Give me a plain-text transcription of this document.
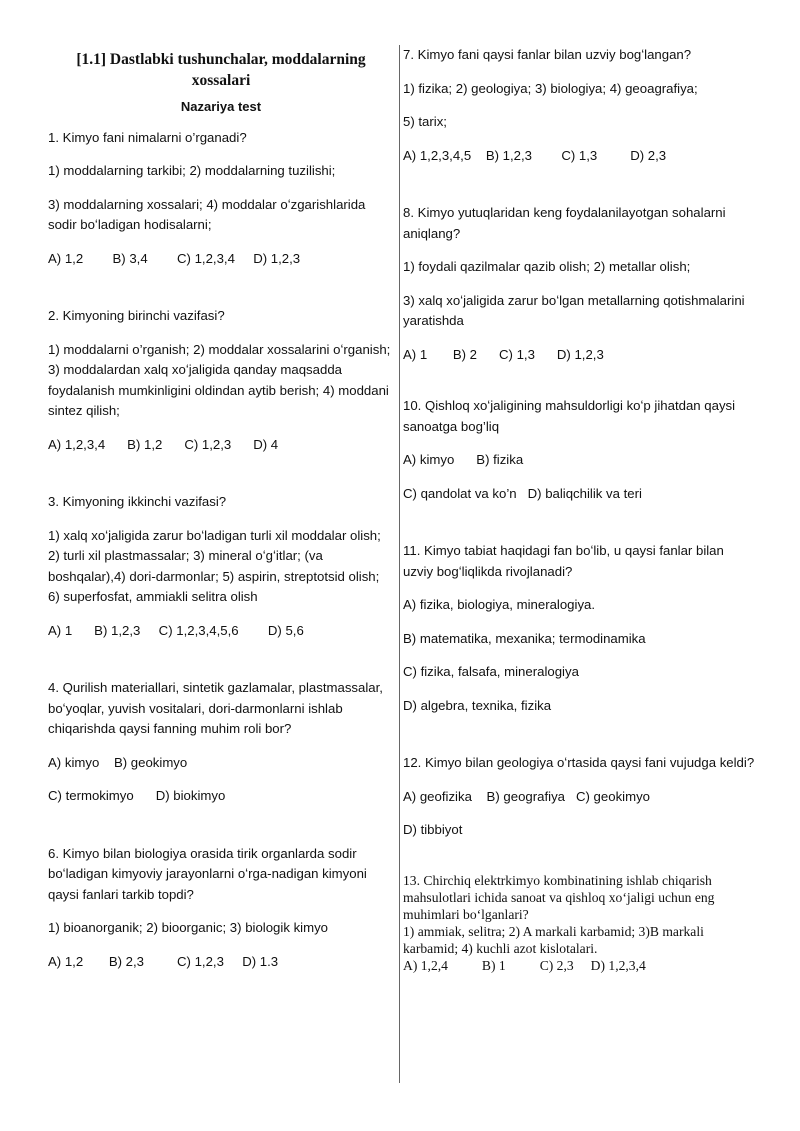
[1.1] Dastlabki tushunchalar, moddalarning xossalari
Nazariya test

1. Kimyo fani nimalarni o’rganadi?

1) moddalarning tarkibi; 2) moddalarning tuzilishi;

3) moddalarning xossalari; 4) moddalar oʻzgarishlarida sodir boʻladigan hodisalarni;

A) 1,2        B) 3,4        C) 1,2,3,4     D) 1,2,3

2. Kimyoning birinchi vazifasi?

1) moddalarni o’rganish; 2) moddalar xossalarini oʻrganish; 3) moddalardan xalq xoʻjaligida qanday maqsadda foydalanish mumkinligini oldindan aytib berish; 4) moddani sintez qilish;

A) 1,2,3,4      B) 1,2      C) 1,2,3      D) 4

3. Kimyoning ikkinchi vazifasi?

1) xalq xoʻjaligida zarur boʻladigan turli xil moddalar olish; 2) turli xil plastmassalar; 3) mineral oʻgʻitlar; (va boshqalar),4) dori-darmonlar; 5) aspirin, streptotsid olish; 6) superfosfat, ammiakli selitra olish

A) 1      B) 1,2,3     C) 1,2,3,4,5,6        D) 5,6

4. Qurilish materiallari, sintetik gazlamalar, plastmassalar, boʻyoqlar, yuvish vositalari, dori-darmonlarni ishlab chiqarishda qaysi fanning muhim roli bor?

A) kimyo    B) geokimyo

C) termokimyo      D) biokimyo

6. Kimyo bilan biologiya orasida tirik organlarda sodir boʻladigan kimyoviy jarayonlarni oʻrga-nadigan kimyoni qaysi fanlari tarkib topdi?

1) bioanorganik; 2) bioorganic; 3) biologik kimyo

A) 1,2       B) 2,3         C) 1,2,3     D) 1.3

7. Kimyo fani qaysi fanlar bilan uzviy bogʻlangan?

1) fizika; 2) geologiya; 3) biologiya; 4) geoagrafiya;

5) tarix;

A) 1,2,3,4,5    B) 1,2,3        C) 1,3         D) 2,3

8. Kimyo yutuqlaridan keng foydalanilayotgan sohalarni aniqlang?

1) foydali qazilmalar qazib olish; 2) metallar olish;

3) xalq xoʻjaligida zarur boʻlgan metallarning qotishmalarini yaratishda

A) 1       B) 2      C) 1,3      D) 1,2,3

10. Qishloq xoʻjaligining mahsuldorligi koʻp jihatdan qaysi sanoatga bog’liq

A) kimyo      B) fizika

C) qandolat va ko’n   D) baliqchilik va teri

11. Kimyo tabiat haqidagi fan boʻlib, u qaysi fanlar bilan uzviy bogʻliqlikda rivojlanadi?

A) fizika, biologiya, mineralogiya.

B) matematika, mexanika; termodinamika

C) fizika, falsafa, mineralogiya

D) algebra, texnika, fizika

12. Kimyo bilan geologiya oʻrtasida qaysi fani vujudga keldi?

A) geofizika    B) geografiya   C) geokimyo

D) tibbiyot

13. Chirchiq elektrkimyo kombinatining ishlab chiqarish mahsulotlari ichida sanoat va qishloq xoʻjaligi uchun eng muhimlari boʻlganlari?

1) ammiak, selitra; 2) A markali karbamid; 3)B markali karbamid; 4) kuchli azot kislotalari.

A) 1,2,4          B) 1          C) 2,3     D) 1,2,3,4
